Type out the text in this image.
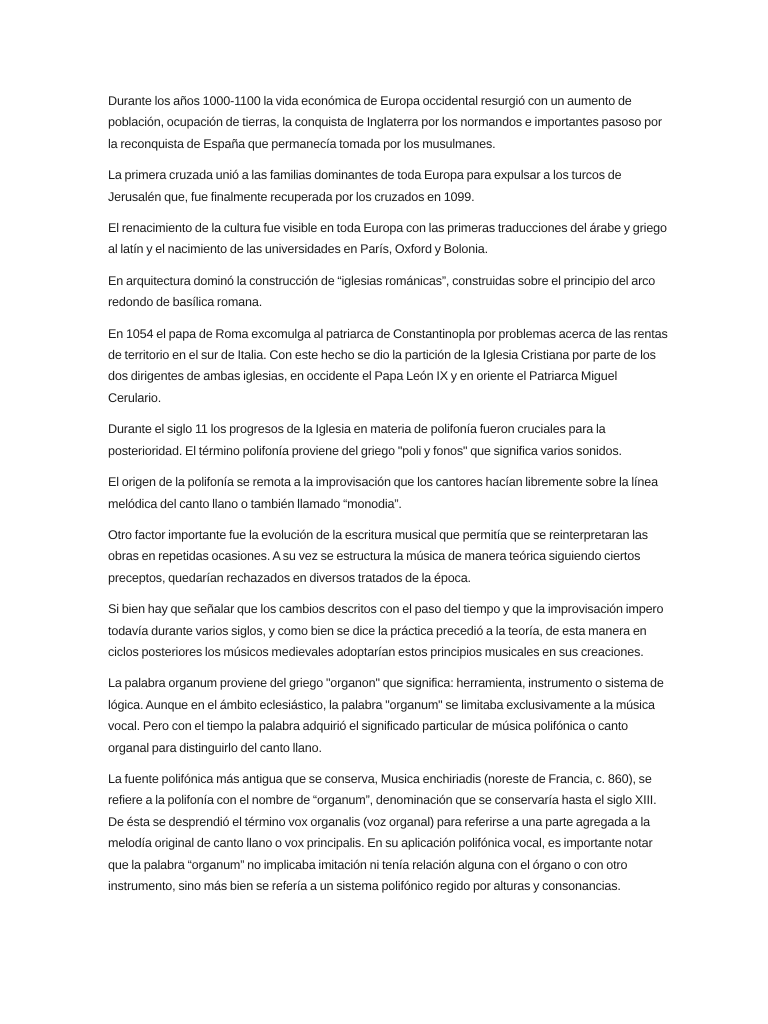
Durante los años 1000-1100 la vida económica de Europa occidental resurgió con un aumento de población, ocupación de tierras, la conquista de Inglaterra por los normandos e importantes pasoso por la reconquista de España que permanecía tomada por los musulmanes.

La primera cruzada unió a las familias dominantes de toda Europa para expulsar a los turcos de Jerusalén que, fue finalmente recuperada por los cruzados en 1099.

El renacimiento de la cultura fue visible en toda Europa con las primeras traducciones del árabe y griego al latín y el nacimiento de las universidades en París, Oxford y Bolonia.

En arquitectura dominó la construcción de “iglesias románicas”, construidas sobre el principio del arco redondo de basílica romana.

En 1054 el papa de Roma excomulga al patriarca de Constantinopla por problemas acerca de las rentas de territorio en el sur de Italia. Con este hecho se dio la partición de la Iglesia Cristiana por parte de los dos dirigentes de ambas iglesias, en occidente el Papa León IX y en oriente el Patriarca Miguel Cerulario.

Durante el siglo 11 los progresos de la Iglesia en materia de polifonía fueron cruciales para la posterioridad. El término polifonía proviene del griego "poli y fonos" que significa varios sonidos.

El origen de la polifonía se remota a la improvisación que los cantores hacían libremente sobre la línea melódica del canto llano o también llamado “monodia”.

Otro factor importante fue la evolución de la escritura musical que permitía que se reinterpretaran las obras en repetidas ocasiones. A su vez se estructura la música de manera teórica siguiendo ciertos preceptos, quedarían rechazados en diversos tratados de la época.

Si bien hay que señalar que los cambios descritos con el paso del tiempo y que la improvisación impero todavía durante varios siglos, y como bien se dice la práctica precedió a la teoría, de esta manera en ciclos posteriores los músicos medievales adoptarían estos principios musicales en sus creaciones.

La palabra organum proviene del griego "organon" que significa: herramienta, instrumento o sistema de lógica. Aunque en el ámbito eclesiástico, la palabra "organum" se limitaba exclusivamente a la música vocal. Pero con el tiempo la palabra adquirió el significado particular de música polifónica o canto organal para distinguirlo del canto llano.

La fuente polifónica más antigua que se conserva, Musica enchiriadis (noreste de Francia, c. 860), se refiere a la polifonía con el nombre de “organum”, denominación que se conservaría hasta el siglo XIII. De ésta se desprendió el término vox organalis (voz organal) para referirse a una parte agregada a la melodía original de canto llano o vox principalis. En su aplicación polifónica vocal, es importante notar que la palabra “organum” no implicaba imitación ni tenía relación alguna con el órgano o con otro instrumento, sino más bien se refería a un sistema polifónico regido por alturas y consonancias.
